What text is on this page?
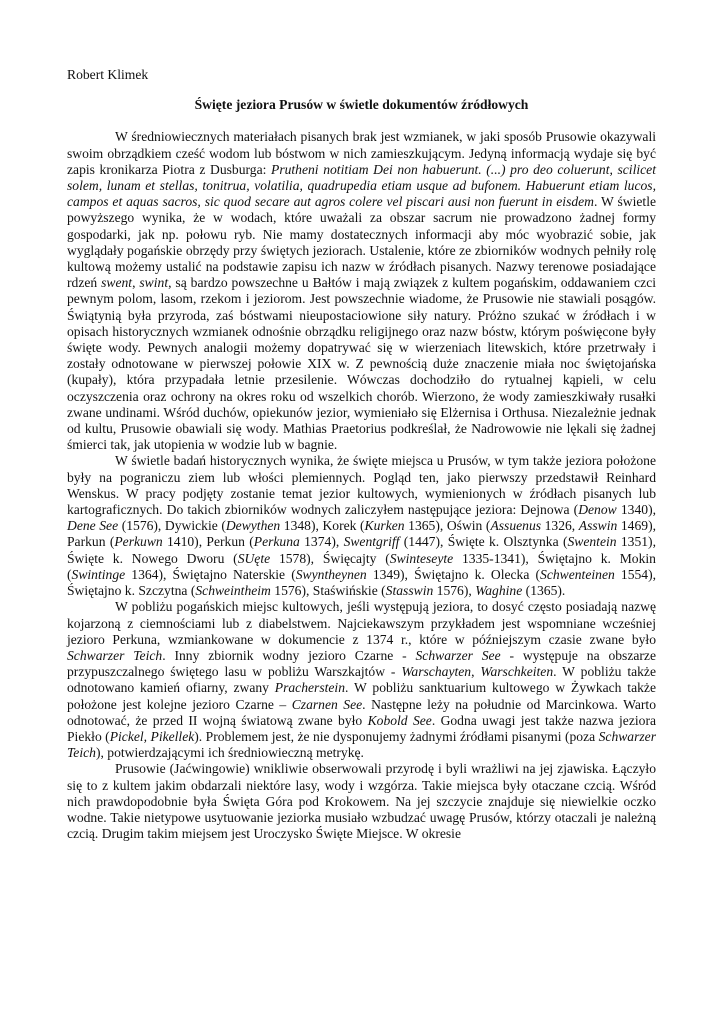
Robert Klimek

Święte jeziora Prusów w świetle dokumentów źródłowych

W średniowiecznych materiałach pisanych brak jest wzmianek, w jaki sposób Prusowie okazywali swoim obrządkiem cześć wodom lub bóstwom w nich zamieszkującym. Jedyną informacją wydaje się być zapis kronikarza Piotra z Dusburga: Prutheni notitiam Dei non habuerunt. (...) pro deo coluerunt, scilicet solem, lunam et stellas, tonitrua, volatilia, quadrupedia etiam usque ad bufonem. Habuerunt etiam lucos, campos et aquas sacros, sic quod secare aut agros colere vel piscari ausi non fuerunt in eisdem. W świetle powyższego wynika, że w wodach, które uważali za obszar sacrum nie prowadzono żadnej formy gospodarki, jak np. połowu ryb. Nie mamy dostatecznych informacji aby móc wyobrazić sobie, jak wyglądały pogańskie obrzędy przy świętych jeziorach. Ustalenie, które ze zbiorników wodnych pełniły rolę kultową możemy ustalić na podstawie zapisu ich nazw w źródłach pisanych. Nazwy terenowe posiadające rdzeń swent, swint, są bardzo powszechne u Bałtów i mają związek z kultem pogańskim, oddawaniem czci pewnym polom, lasom, rzekom i jeziorom. Jest powszechnie wiadome, że Prusowie nie stawiali posągów. Świątynią była przyroda, zaś bóstwami nieupostaciowione siły natury. Próżno szukać w źródłach i w opisach historycznych wzmianek odnośnie obrządku religijnego oraz nazw bóstw, którym poświęcone były święte wody. Pewnych analogii możemy dopatrywać się w wierzeniach litewskich, które przetrwały i zostały odnotowane w pierwszej połowie XIX w. Z pewnością duże znaczenie miała noc świętojańska (kupały), która przypadała letnie przesilenie. Wówczas dochodziło do rytualnej kąpieli, w celu oczyszczenia oraz ochrony na okres roku od wszelkich chorób. Wierzono, że wody zamieszkiwały rusałki zwane undinami. Wśród duchów, opiekunów jezior, wymieniało się Elżernisa i Orthusa. Niezależnie jednak od kultu, Prusowie obawiali się wody. Mathias Praetorius podkreślał, że Nadrowowie nie lękali się żadnej śmierci tak, jak utopienia w wodzie lub w bagnie.

W świetle badań historycznych wynika, że święte miejsca u Prusów, w tym także jeziora położone były na pograniczu ziem lub włości plemiennych. Pogląd ten, jako pierwszy przedstawił Reinhard Wenskus. W pracy podjęty zostanie temat jezior kultowych, wymienionych w źródłach pisanych lub kartograficznych. Do takich zbiorników wodnych zaliczyłem następujące jeziora: Dejnowa (Denow 1340), Dene See (1576), Dywickie (Dewythen 1348), Korek (Kurken 1365), Oświn (Assuenus 1326, Asswin 1469), Parkun (Perkuwn 1410), Perkun (Perkuna 1374), Swentgriff (1447), Święte k. Olsztynka (Swentein 1351), Święte k. Nowego Dworu (SUęte 1578), Święcajty (Swinteseyte 1335-1341), Świętajno k. Mokin (Swintinge 1364), Świętajno Naterskie (Swyntheynen 1349), Świętajno k. Olecka (Schwenteinen 1554), Świętajno k. Szczytna (Schweintheim 1576), Staświńskie (Stasswin 1576), Waghine (1365).

W pobliżu pogańskich miejsc kultowych, jeśli występują jeziora, to dosyć często posiadają nazwę kojarzoną z ciemnościami lub z diabelstwem. Najciekawszym przykładem jest wspomniane wcześniej jezioro Perkuna, wzmiankowane w dokumencie z 1374 r., które w późniejszym czasie zwane było Schwarzer Teich. Inny zbiornik wodny jezioro Czarne - Schwarzer See - występuje na obszarze przypuszczalnego świętego lasu w pobliżu Warszkajtów - Warschayten, Warschkeiten. W pobliżu także odnotowano kamień ofiarny, zwany Pracherstein. W pobliżu sanktuarium kultowego w Żywkach także położone jest kolejne jezioro Czarne – Czarnen See. Następne leży na południe od Marcinkowa. Warto odnotować, że przed II wojną światową zwane było Kobold See. Godna uwagi jest także nazwa jeziora Piekło (Pickel, Pikellek). Problemem jest, że nie dysponujemy żadnymi źródłami pisanymi (poza Schwarzer Teich), potwierdzającymi ich średniowieczną metrykę.

Prusowie (Jaćwingowie) wnikliwie obserwowali przyrodę i byli wrażliwi na jej zjawiska. Łączyło się to z kultem jakim obdarzali niektóre lasy, wody i wzgórza. Takie miejsca były otaczane czcią. Wśród nich prawdopodobnie była Święta Góra pod Krokowem. Na jej szczycie znajduje się niewielkie oczko wodne. Takie nietypowe usytuowanie jeziorka musiało wzbudzać uwagę Prusów, którzy otaczali je należną czcią. Drugim takim miejsem jest Uroczysko Święte Miejsce. W okresie
